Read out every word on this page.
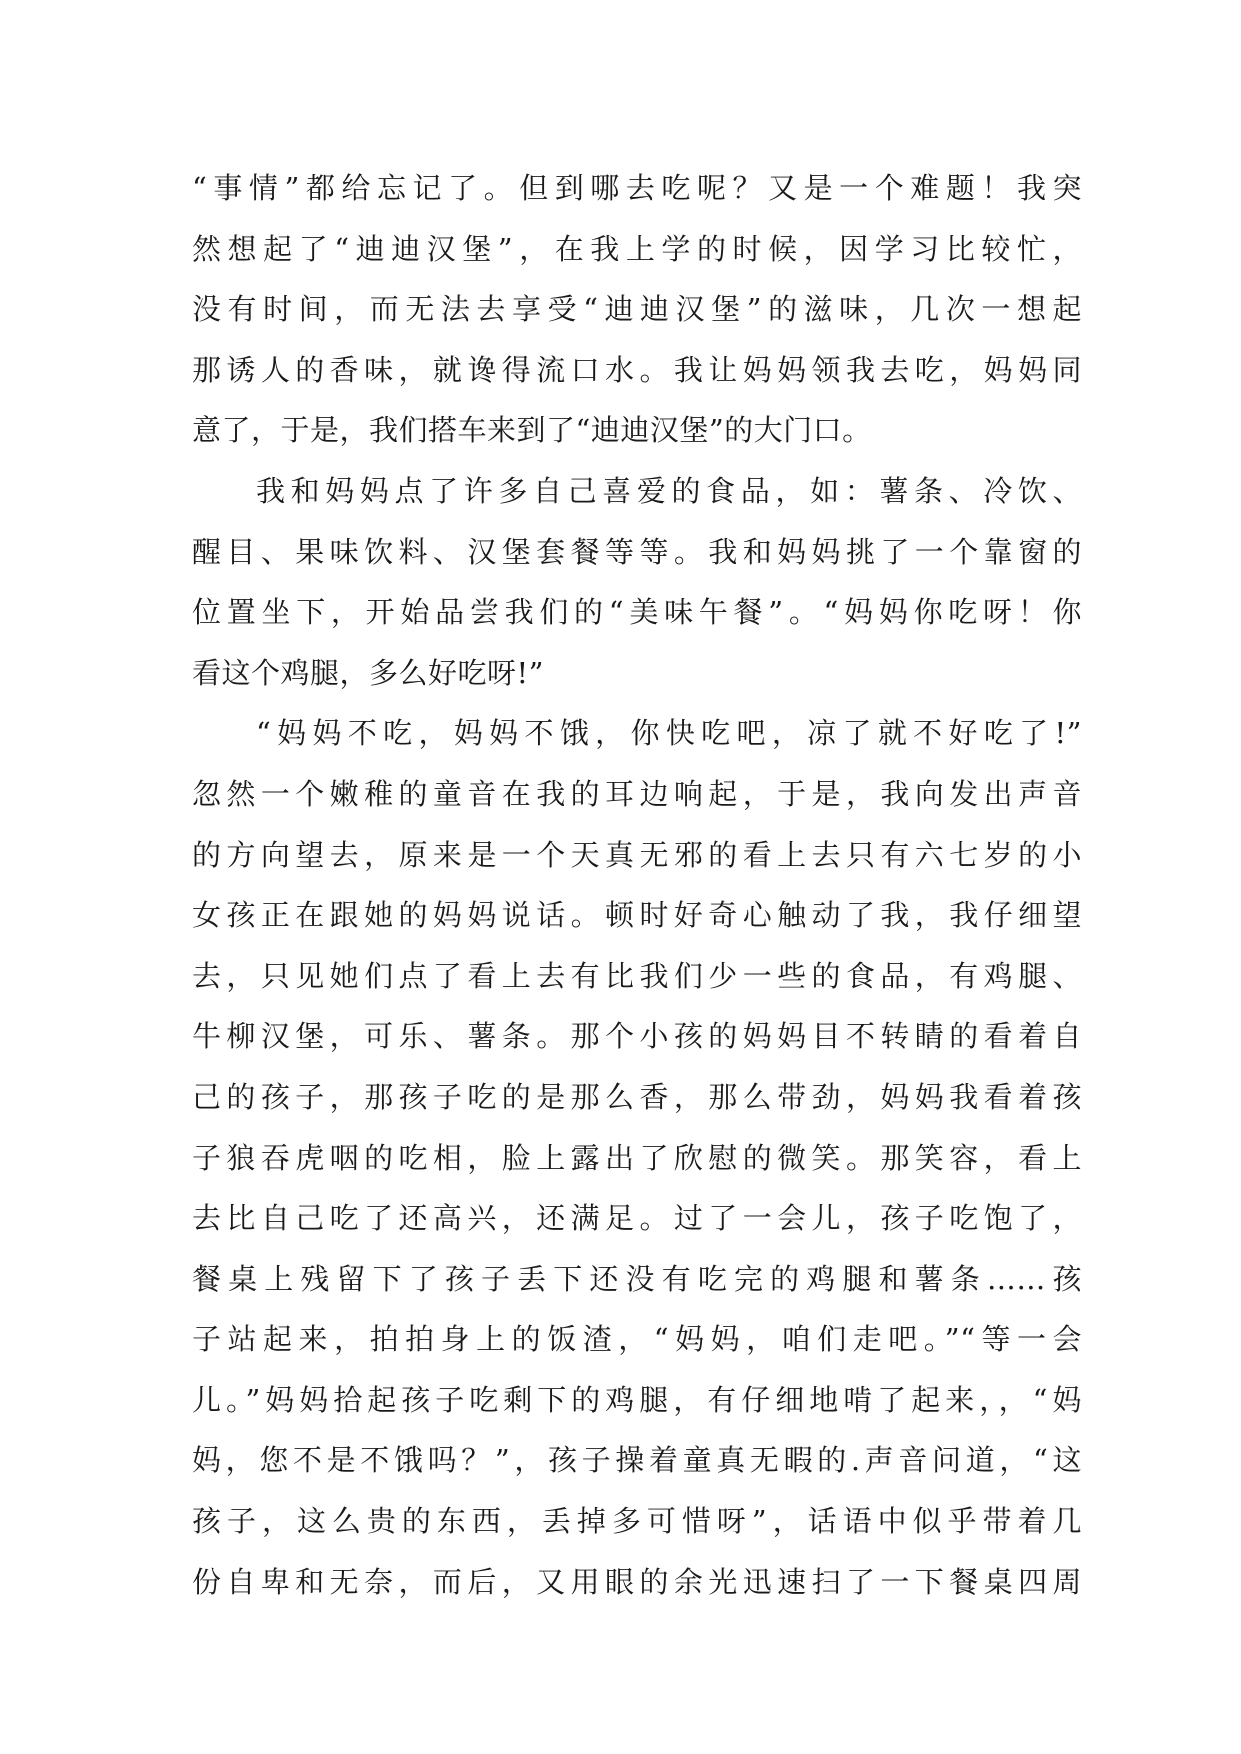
“事情”都给忘记了。但到哪去吃呢？又是一个难题！我突
然想起了“迪迪汉堡”，在我上学的时候，因学习比较忙，
没有时间，而无法去享受“迪迪汉堡”的滋味，几次一想起
那诱人的香味，就谗得流口水。我让妈妈领我去吃，妈妈同
意了，于是，我们搭车来到了“迪迪汉堡”的大门口。
我和妈妈点了许多自己喜爱的食品，如：薯条、冷饮、
醒目、果味饮料、汉堡套餐等等。我和妈妈挑了一个靠窗的
位置坐下，开始品尝我们的“美味午餐”。“妈妈你吃呀！你
看这个鸡腿，多么好吃呀!”
“妈妈不吃，妈妈不饿，你快吃吧，凉了就不好吃了!”
忽然一个嫩稚的童音在我的耳边响起，于是，我向发出声音
的方向望去，原来是一个天真无邪的看上去只有六七岁的小
女孩正在跟她的妈妈说话。顿时好奇心触动了我，我仔细望
去，只见她们点了看上去有比我们少一些的食品，有鸡腿、
牛柳汉堡，可乐、薯条。那个小孩的妈妈目不转睛的看着自
己的孩子，那孩子吃的是那么香，那么带劲，妈妈我看着孩
子狼吞虎咽的吃相，脸上露出了欣慰的微笑。那笑容，看上
去比自己吃了还高兴，还满足。过了一会儿，孩子吃饱了，
餐桌上残留下了孩子丢下还没有吃完的鸡腿和薯条……孩
子站起来，拍拍身上的饭渣，“妈妈，咱们走吧。”“等一会
儿。”妈妈拾起孩子吃剩下的鸡腿，有仔细地啃了起来，，“妈
妈，您不是不饿吗？”，孩子操着童真无暇的.声音问道，“这
孩子，这么贵的东西，丢掉多可惜呀”，话语中似乎带着几
份自卑和无奈，而后，又用眼的余光迅速扫了一下餐桌四周
